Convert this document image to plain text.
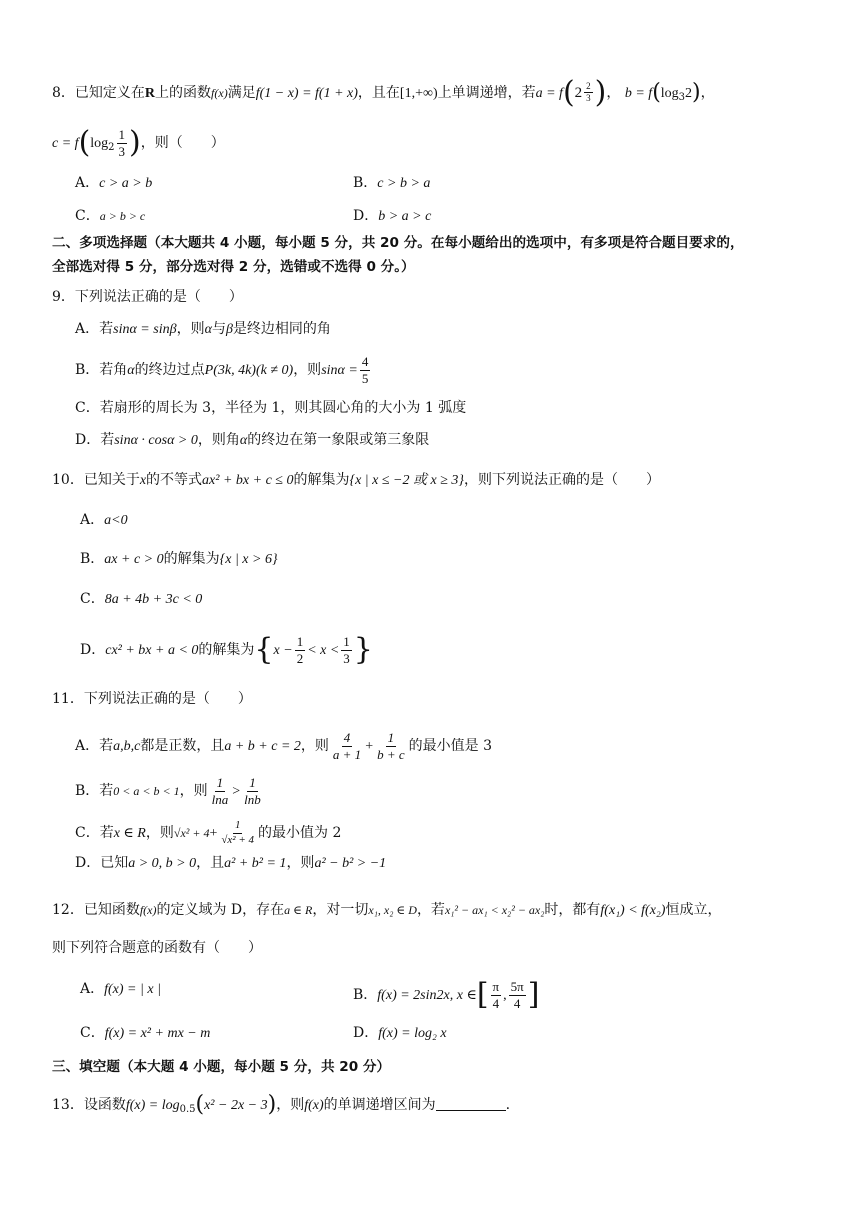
8．已知定义在R上的函数f(x)满足f(1 − x) = f(1 + x)，且在[1,+∞)上单调递增，若$a = f(2 \frac{2}{3}$ )， $b = f(\log_32)$，
$c = f(\log_2 \frac{1}{3}$ )，则（　　）
A．c > a > b	B．c > b > a
C．a > b > c	D．b > a > c
二、多项选择题（本大题共 4 小题，每小题 5 分，共 20 分。在每小题给出的选项中，有多项是符合题目要求的，
全部选对得 5 分，部分选对得 2 分，选错或不选得 0 分。）
9．下列说法正确的是（　　）
A．若sinα = sinβ，则α与β是终边相同的角
B．若角α的终边过点P(3k, 4k)(k ≠ 0)，则$\sin\alpha = \frac{4}{5}$
C．若扇形的周长为 3，半径为 1，则其圆心角的大小为 1 弧度
D．若sinα · cosα > 0，则角α的终边在第一象限或第三象限
10．已知关于x的不等式ax² + bx + c ≤ 0的解集为{x | x ≤ −2 或 x ≥ 3}，则下列说法正确的是（　　）
A．a<0
B．ax + c > 0的解集为{x | x > 6}
C．8a + 4b + 3c < 0
D．cx² + bx + a < 0的解集为{$x - \frac{1}{2} < x < \frac{1}{3}$ }
11．下列说法正确的是（　　）
A．若a,b,c都是正数，且a + b + c = 2，则 $\frac{4}{a + 1} + \frac{1}{b + c}$ 的最小值是 3
B．若0 < a < b < 1，则 $\frac{1}{\ln a} > \frac{1}{\ln b}$
C．若x ∈ R，则$√x^2 + 4+ \frac{1}{\text{√x² + 4}}$ 的最小值为 2
D．已知a > 0, b > 0，且a² + b² = 1，则a² − b² > −1
12．已知函数f(x)的定义域为 D，存在a ∈ R，对一切x₁, x₂ ∈ D，若x₁² − ax₁ < x₂² − ax₂时，都有f(x₁) < f(x₂)恒成立，
则下列符合题意的函数有（　　）
A．f(x) = | x |	B．f(x) = 2sin2x, x ∈[ $\frac{\pi}{4}$ , $\frac{5\pi}{4}$ ]
C．f(x) = x² + mx − m	D．f(x) = log₂ x
三、填空题（本大题 4 小题，每小题 5 分，共 20 分）
13．设函数$f(x) = \log_{0.5}(x^2 - 2x - 3)$，则f(x)的单调递增区间为	.
